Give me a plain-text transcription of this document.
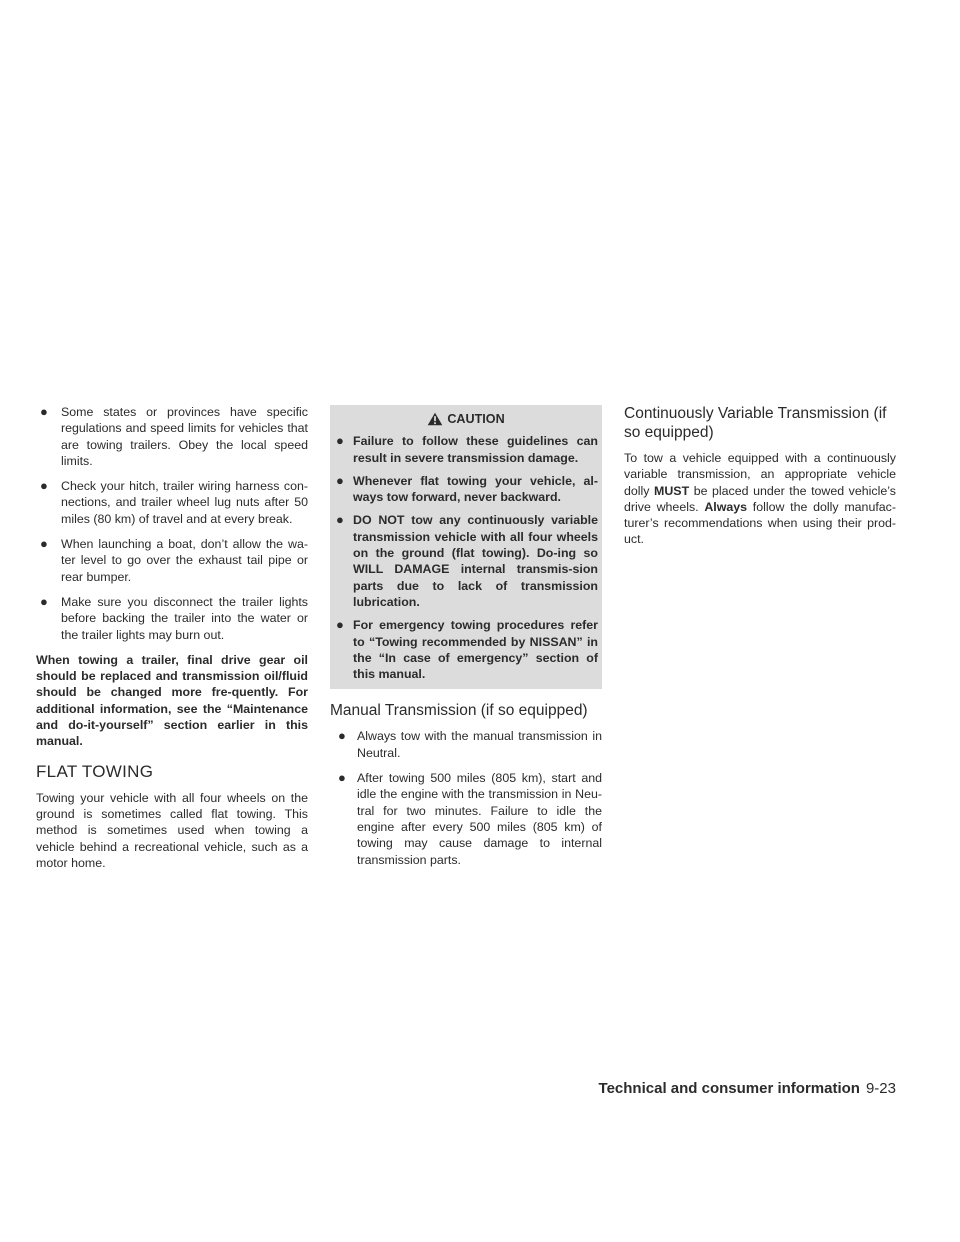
● Some states or provinces have specific regulations and speed limits for vehicles that are towing trailers. Obey the local speed limits.
● Check your hitch, trailer wiring harness con-nections, and trailer wheel lug nuts after 50 miles (80 km) of travel and at every break.
● When launching a boat, don’t allow the wa-ter level to go over the exhaust tail pipe or rear bumper.
● Make sure you disconnect the trailer lights before backing the trailer into the water or the trailer lights may burn out.

When towing a trailer, final drive gear oil should be replaced and transmission oil/fluid should be changed more fre-quently. For additional information, see the “Maintenance and do-it-yourself” section earlier in this manual.

FLAT TOWING

Towing your vehicle with all four wheels on the ground is sometimes called flat towing. This method is sometimes used when towing a vehicle behind a recreational vehicle, such as a motor home.

CAUTION
● Failure to follow these guidelines can result in severe transmission damage.
● Whenever flat towing your vehicle, al-ways tow forward, never backward.
● DO NOT tow any continuously variable transmission vehicle with all four wheels on the ground (flat towing). Do-ing so WILL DAMAGE internal transmis-sion parts due to lack of transmission lubrication.
● For emergency towing procedures refer to “Towing recommended by NISSAN” in the “In case of emergency” section of this manual.
Manual Transmission (if so equipped)
● Always tow with the manual transmission in Neutral.
● After towing 500 miles (805 km), start and idle the engine with the transmission in Neu-tral for two minutes. Failure to idle the engine after every 500 miles (805 km) of towing may cause damage to internal transmission parts.
Continuously Variable Transmission (if so equipped)

To tow a vehicle equipped with a continuously variable transmission, an appropriate vehicle dolly MUST be placed under the towed vehicle’s drive wheels. Always follow the dolly manufac-turer’s recommendations when using their prod-uct.

Technical and consumer information 9-23
